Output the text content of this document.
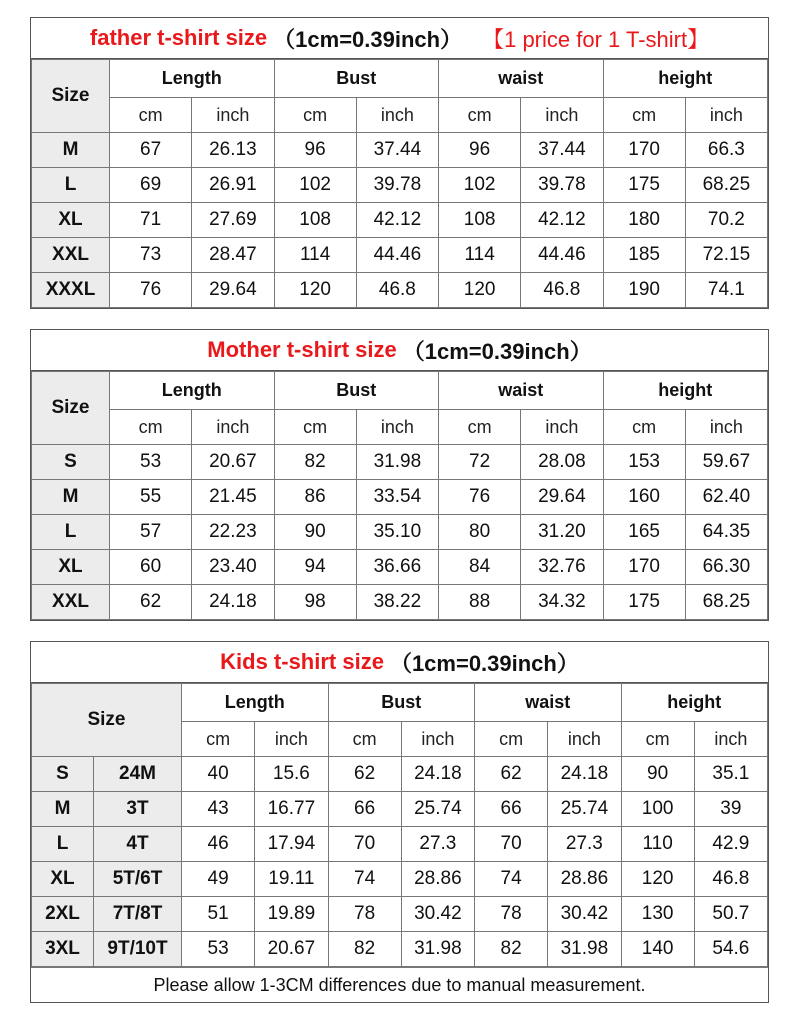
father t-shirt size （1cm=0.39inch） 【1 price for 1 T-shirt】
Size	Length		Bust		waist		height	
	cm	inch	cm	inch	cm	inch	cm	inch
M	67	26.13	96	37.44	96	37.44	170	66.3
L	69	26.91	102	39.78	102	39.78	175	68.25
XL	71	27.69	108	42.12	108	42.12	180	70.2
XXL	73	28.47	114	44.46	114	44.46	185	72.15
XXXL	76	29.64	120	46.8	120	46.8	190	74.1
Mother t-shirt size （1cm=0.39inch）
Size	Length		Bust		waist		height	
	cm	inch	cm	inch	cm	inch	cm	inch
S	53	20.67	82	31.98	72	28.08	153	59.67
M	55	21.45	86	33.54	76	29.64	160	62.40
L	57	22.23	90	35.10	80	31.20	165	64.35
XL	60	23.40	94	36.66	84	32.76	170	66.30
XXL	62	24.18	98	38.22	88	34.32	175	68.25
Kids t-shirt size （1cm=0.39inch）
Size		Length		Bust		waist		height	
		cm	inch	cm	inch	cm	inch	cm	inch
S	24M	40	15.6	62	24.18	62	24.18	90	35.1
M	3T	43	16.77	66	25.74	66	25.74	100	39
L	4T	46	17.94	70	27.3	70	27.3	110	42.9
XL	5T/6T	49	19.11	74	28.86	74	28.86	120	46.8
2XL	7T/8T	51	19.89	78	30.42	78	30.42	130	50.7
3XL	9T/10T	53	20.67	82	31.98	82	31.98	140	54.6
Please allow 1-3CM differences due to manual measurement.
